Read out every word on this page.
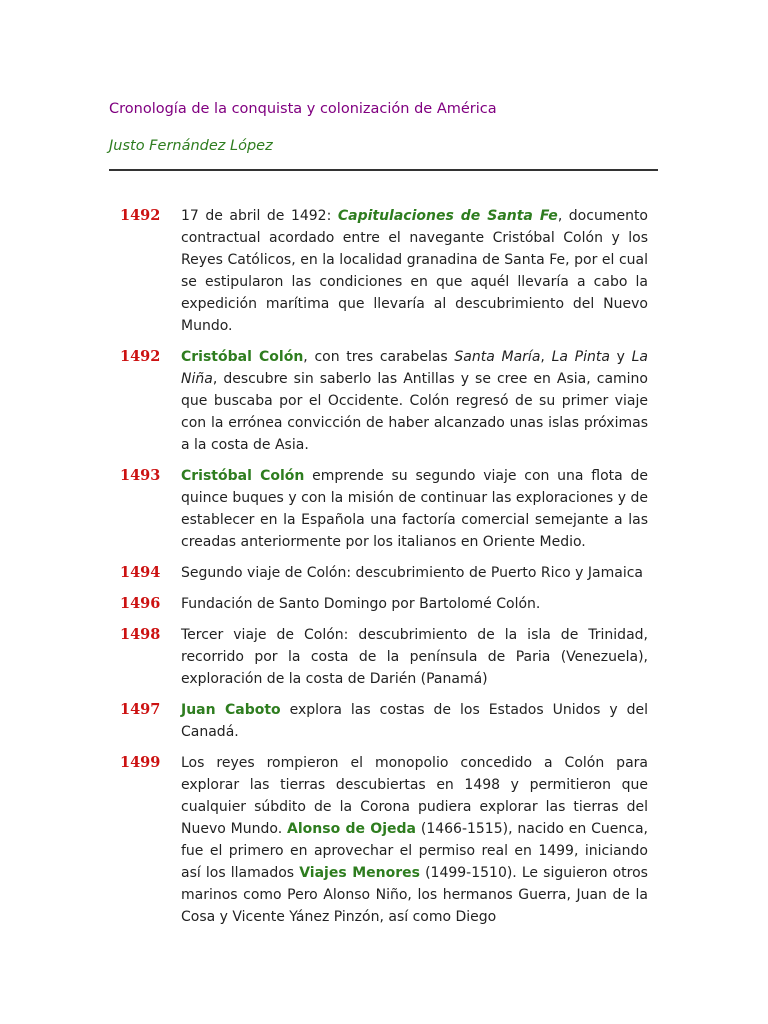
Cronología de la conquista y colonización de América

Justo Fernández López

1492	17 de abril de 1492: Capitulaciones de Santa Fe, documento contractual acordado entre el navegante Cristóbal Colón y los Reyes Católicos, en la localidad granadina de Santa Fe, por el cual se estipularon las condiciones en que aquél llevaría a cabo la expedición marítima que llevaría al descubrimiento del Nuevo Mundo.
1492	Cristóbal Colón, con tres carabelas Santa María, La Pinta y La Niña, descubre sin saberlo las Antillas y se cree en Asia, camino que buscaba por el Occidente. Colón regresó de su primer viaje con la errónea convicción de haber alcanzado unas islas próximas a la costa de Asia.
1493	Cristóbal Colón emprende su segundo viaje con una flota de quince buques y con la misión de continuar las exploraciones y de establecer en la Española una factoría comercial semejante a las creadas anteriormente por los italianos en Oriente Medio.
1494	Segundo viaje de Colón: descubrimiento de Puerto Rico y Jamaica
1496	Fundación de Santo Domingo por Bartolomé Colón.
1498	Tercer viaje de Colón: descubrimiento de la isla de Trinidad, recorrido por la costa de la península de Paria (Venezuela), exploración de la costa de Darién (Panamá)
1497	Juan Caboto explora las costas de los Estados Unidos y del Canadá.
1499	Los reyes rompieron el monopolio concedido a Colón para explorar las tierras descubiertas en 1498 y permitieron que cualquier súbdito de la Corona pudiera explorar las tierras del Nuevo Mundo. Alonso de Ojeda (1466-1515), nacido en Cuenca, fue el primero en aprovechar el permiso real en 1499, iniciando así los llamados Viajes Menores (1499-1510). Le siguieron otros marinos como Pero Alonso Niño, los hermanos Guerra, Juan de la Cosa y Vicente Yánez Pinzón, así como Diego
